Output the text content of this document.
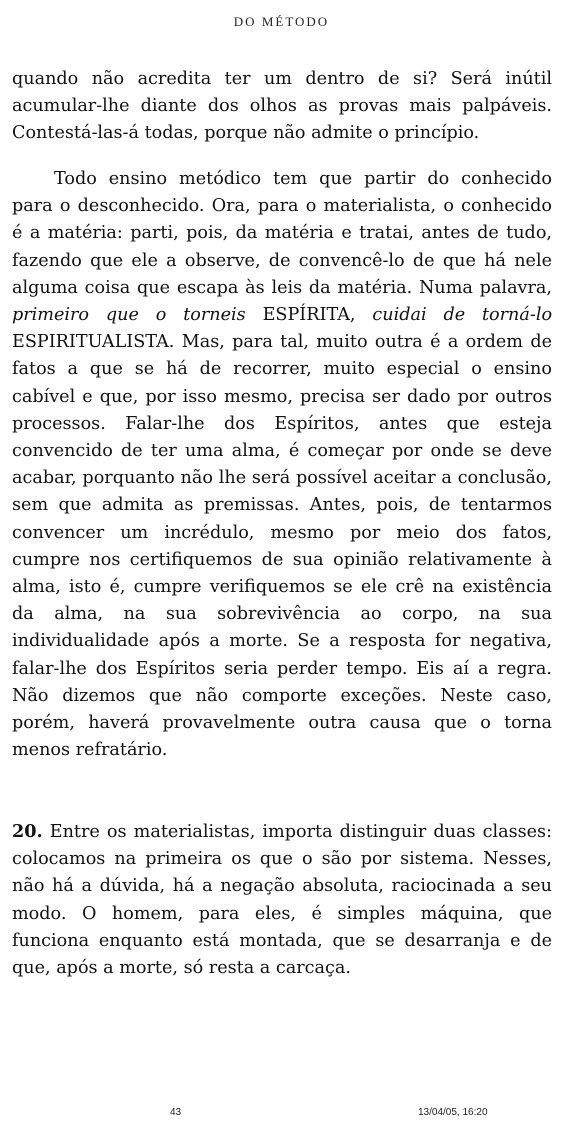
DO MÉTODO

quando não acredita ter um dentro de si? Será inútil acumular-lhe diante dos olhos as provas mais palpáveis. Contestá-las-á todas, porque não admite o princípio.

Todo ensino metódico tem que partir do conhecido para o desconhecido. Ora, para o materialista, o conhecido é a matéria: parti, pois, da matéria e tratai, antes de tudo, fazendo que ele a observe, de convencê-lo de que há nele alguma coisa que escapa às leis da matéria. Numa palavra, primeiro que o torneis ESPÍRITA, cuidai de torná-lo ESPIRITUALISTA. Mas, para tal, muito outra é a ordem de fatos a que se há de recorrer, muito especial o ensino cabível e que, por isso mesmo, precisa ser dado por outros processos. Falar-lhe dos Espíritos, antes que esteja convencido de ter uma alma, é começar por onde se deve acabar, porquanto não lhe será possível aceitar a conclusão, sem que admita as premissas. Antes, pois, de tentarmos convencer um incrédulo, mesmo por meio dos fatos, cumpre nos certifiquemos de sua opinião relativamente à alma, isto é, cumpre verifiquemos se ele crê na existência da alma, na sua sobrevivência ao corpo, na sua individualidade após a morte. Se a resposta for negativa, falar-lhe dos Espíritos seria perder tempo. Eis aí a regra. Não dizemos que não comporte exceções. Neste caso, porém, haverá provavelmente outra causa que o torna menos refratário.

20. Entre os materialistas, importa distinguir duas classes: colocamos na primeira os que o são por sistema. Nesses, não há a dúvida, há a negação absoluta, raciocinada a seu modo. O homem, para eles, é simples máquina, que funciona enquanto está montada, que se desarranja e de que, após a morte, só resta a carcaça.

43	13/04/05, 16:20
